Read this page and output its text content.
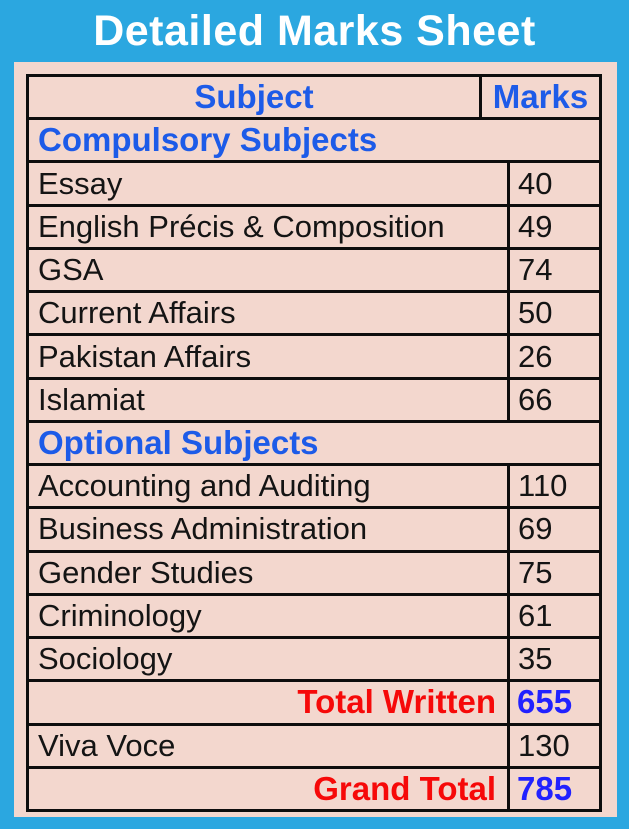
Detailed Marks Sheet
Subject	Marks
Compulsory Subjects
Essay	40
English Précis & Composition	49
GSA	74
Current Affairs	50
Pakistan Affairs	26
Islamiat	66
Optional Subjects
Accounting and Auditing	110
Business Administration	69
Gender Studies	75
Criminology	61
Sociology	35
Total Written 655
Viva Voce	130
Grand Total 785
